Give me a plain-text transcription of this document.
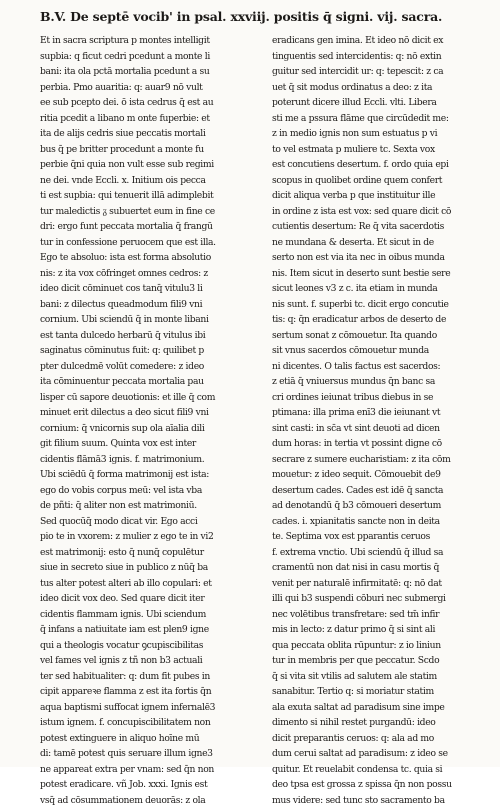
B.V. De septē vocib' in psal. xxviij. positis q̄ signi. vij. sacra.
Et in sacra scriptura p montes intelligit
supbia: q ficut cedri pcedunt a monte li
bani: ita ola pctā mortalia pcedunt a su
perbia. Pmo auaritia: q: auar9 nō vult
ee sub pcepto dei. ō ista cedrus q̄ est au
ritia pcedit a libano m onte fuperbie: et
ita de alijs cedris siue peccatis mortali
bus q̄ pe britter procedunt a monte fu
perbie q̄ni quia non vult esse sub regimi
ne dei. vnde Eccli. x. Initium ois pecca
ti est supbia: qui tenuerit illā adimplebit
tur maledictis ᵹ subuertet eum in fine ce
dri: ergo funt peccata mortalia q̄ frangū
tur in confessione peruocem que est illa.
Ego te absoluo: ista est forma absolutio
nis: z ita vox cōfringet omnes cedros: z
ideo dicit cōminuet cos tanq̄ vitulu3 li
bani: z dilectus queadmodum fili9 vni
cornium. Ubi sciendū q̄ in monte libani
est tanta dulcedo herbarū q̄ vitulus ibi
saginatus cōminutus fuit: q: quilibet p
pter dulcedmē volūt comedere: z ideo
ita cōminuentur peccata mortalia pau
lisper cū sapore deuotionis: et ille q̄ com
minuet erit dilectus a deo sicut fili9 vni
cornium: q̄ vnicornis sup ola aīalia dili
git filium suum. Quinta vox est inter
cidentis flāmā3 ignis. f. matrimonium.
Ubi sciēdū q̄ forma matrimonij est ista:
ego do vobis corpus meū: vel ista vba
de pñti: q̄ aliter non est matrimoniū.
Sed quocūq̄ modo dicat vir. Ego acci
pio te in vxorem: z mulier z ego te in vi2
est matrimonij: esto q̄ nunq̄ copulētur
siue in secreto siue in publico z nūq̄ ba
tus alter potest alteri ab illo copulari: et
ideo dicit vox deo. Sed quare dicit iter
cidentis flammam ignis. Ubi sciendum
q̄ infans a natiuitate iam est plen9 igne
qui a theologis vocatur ꝯcupiscibilitas
vel fames vel ignis z tñ non b3 actuali
ter sed habitualiter: q: dum fit pubes in
cipit appareꝛe flamma z est ita fortis q̄n
aqua baptismi suffocat ignem infernalē3
istum ignem. f. concupiscibilitatem non
potest extinguere in aliquo hoīne mū
di: tamē potest quis seruare illum igne3
ne appareat extra per vnam: sed q̄n non
potest eradicare. vñ Job. xxxi. Ignis est
vsq̄ ad cōsummationem deuorās: z ola
eradicans gen imina. Et ideo nō dicit ex
tinguentis sed intercidentis: q: nō extin
guitur sed intercidit ur: q: tepescit: z ca
uet q̄ sit modus ordinatus a deo: z ita
poterunt dicere illud Eccli. vlti. Libera
sti me a pssura flāme que circūdedit me:
z in medio ignis non sum estuatus p vi
to vel estmata p muliere tc. Sexta vox
est concutiens desertum. f. ordo quia epi
scopus in quolibet ordine quem confert
dicit aliqua verba p que instituitur ille
in ordine z ista est vox: sed quare dicit cō
cutientis desertum: Re q̄ vita sacerdotis
ne mundana & deserta. Et sicut in de
serto non est via ita nec in oibus munda
nis. Item sicut in deserto sunt bestie sere
sicut leones v3 z c. ita etiam in munda
nis sunt. f. superbi tc. dicit ergo concutie
tis: q: q̄n eradicatur arbos de deserto de
sertum sonat z cōmouetur. Ita quando
sit vnus sacerdos cōmouetur munda
ni dicentes. O talis factus est sacerdos:
z etiā q̄ vniuersus mundus q̄n banc sa
cri ordines ieiunat tribus diebus in se
ptimana: illa prima enī3 die ieiunant vt
sint casti: in sc̄a vt sint deuoti ad dicen
dum horas: in tertia vt possint digne cō
secrare z sumere eucharistiam: z ita cōm
mouetur: z ideo sequit. Cōmouebit de9
desertum cades. Cades est idē q̄ sancta
ad denotandū q̄ b3 cōmoueri desertum
cades. i. xpianitatis sancte non in deita
te. Septima vox est pparantis ceruos
f. extrema vnctio. Ubi sciendū q̄ illud sa
cramentū non dat nisi in casu mortis q̄
venit per naturalē infirmitatē: q: nō dat
illi qui b3 suspendi cōburi nec submergi
nec volētibus transfretare: sed tm̄ infir
mis in lecto: z datur primo q̄ si sint ali
qua peccata oblita rūpuntur: z io liniun
tur in membris per que peccatur. Scdo
q̄ si vita sit vtilis ad salutem ale statim
sanabitur. Tertio q: si moriatur statim
ala exuta saltat ad paradisum sine impe
dimento si nihil restet purgandū: ideo
dicit preparantis ceruos: q: ala ad mo
dum cerui saltat ad paradisum: z ideo se
quitur. Et reuelabit condensa tc. quia si
deo tpsa est grossa z spissa q̄n non possu
mus videre: sed tunc sto sacramento ba
